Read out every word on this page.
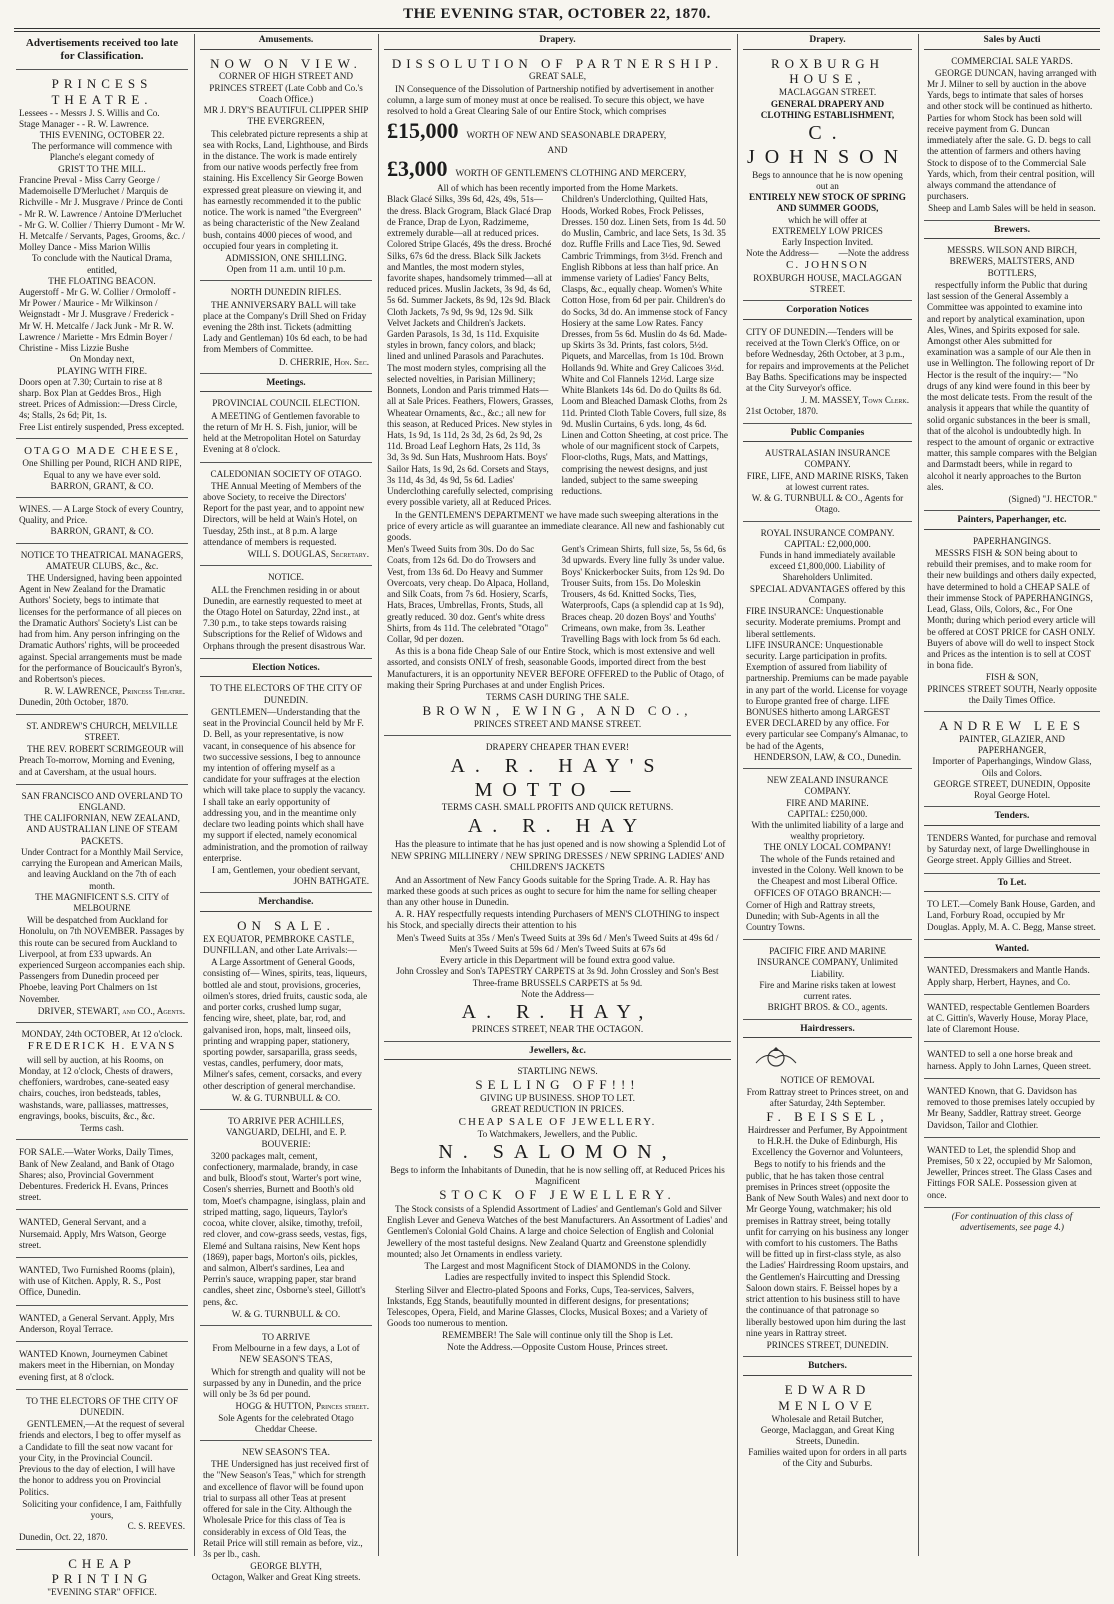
THE EVENING STAR, OCTOBER 22, 1870.
Advertisements received too late for Classification.
PRINCESS THEATRE.
Lessees - - Messrs J. S. Willis and Co.
Stage Manager - - R. W. Lawrence.
THIS EVENING, OCTOBER 22.
The performance will commence with Planche's elegant comedy of
GRIST TO THE MILL.
Francine Preval - Miss Carry George / Mademoiselle D'Merluchet / Marquis de Richville - Mr J. Musgrave / Prince de Conti - Mr R. W. Lawrence / Antoine D'Merluchet - Mr G. W. Collier / Thierry Dumont - Mr W. H. Metcalfe / Servants, Pages, Grooms, &c. / Molley Dance - Miss Marion Willis
To conclude with the Nautical Drama, entitled,
THE FLOATING BEACON.
Augerstoff - Mr G. W. Collier / Ormoloff - Mr Power / Maurice - Mr Wilkinson / Weignstadt - Mr J. Musgrave / Frederick - Mr W. H. Metcalfe / Jack Junk - Mr R. W. Lawrence / Mariette - Mrs Edmin Boyer / Christine - Miss Lizzie Bushe
On Monday next,
PLAYING WITH FIRE.
Doors open at 7.30; Curtain to rise at 8 sharp. Box Plan at Geddes Bros., High street. Prices of Admission:—Dress Circle, 4s; Stalls, 2s 6d; Pit, 1s.
Free List entirely suspended, Press excepted.
OTAGO MADE CHEESE,
One Shilling per Pound, RICH AND RIPE, Equal to any we have ever sold.
BARRON, GRANT, & CO.
WINES. — A Large Stock of every Country, Quality, and Price.
BARRON, GRANT, & CO.
NOTICE TO THEATRICAL MANAGERS, AMATEUR CLUBS, &c., &c.

THE Undersigned, having been appointed Agent in New Zealand for the Dramatic Authors' Society, begs to intimate that licenses for the performance of all pieces on the Dramatic Authors' Society's List can be had from him. Any person infringing on the Dramatic Authors' rights, will be proceeded against. Special arrangements must be made for the performance of Boucicault's Byron's, and Robertson's pieces.

R. W. LAWRENCE, Princess Theatre.
Dunedin, 20th October, 1870.
ST. ANDREW'S CHURCH, MELVILLE STREET.

THE REV. ROBERT SCRIMGEOUR will Preach To-morrow, Morning and Evening, and at Caversham, at the usual hours.

SAN FRANCISCO AND OVERLAND TO ENGLAND.
THE CALIFORNIAN, NEW ZEALAND, AND AUSTRALIAN LINE OF STEAM PACKETS.
Under Contract for a Monthly Mail Service, carrying the European and American Mails, and leaving Auckland on the 7th of each month.
THE MAGNIFICENT S.S. CITY of MELBOURNE

Will be despatched from Auckland for Honolulu, on 7th NOVEMBER. Passages by this route can be secured from Auckland to Liverpool, at from £33 upwards. An experienced Surgeon accompanies each ship. Passengers from Dunedin proceed per Phoebe, leaving Port Chalmers on 1st November.

DRIVER, STEWART, and CO., Agents.
MONDAY, 24th OCTOBER, At 12 o'clock.
FREDERICK H. EVANS

will sell by auction, at his Rooms, on Monday, at 12 o'clock, Chests of drawers, cheffoniers, wardrobes, cane-seated easy chairs, couches, iron bedsteads, tables, washstands, ware, palliasses, mattresses, engravings, books, biscuits, &c., &c.

Terms cash.

FOR SALE.—Water Works, Daily Times, Bank of New Zealand, and Bank of Otago Shares; also, Provincial Government Debentures. Frederick H. Evans, Princes street.

WANTED, General Servant, and a Nursemaid. Apply, Mrs Watson, George street.

WANTED, Two Furnished Rooms (plain), with use of Kitchen. Apply, R. S., Post Office, Dunedin.

WANTED, a General Servant. Apply, Mrs Anderson, Royal Terrace.

WANTED Known, Journeymen Cabinet makers meet in the Hibernian, on Monday evening first, at 8 o'clock.

TO THE ELECTORS OF THE CITY OF DUNEDIN.

GENTLEMEN,—At the request of several friends and electors, I beg to offer myself as a Candidate to fill the seat now vacant for your City, in the Provincial Council. Previous to the day of election, I will have the honor to address you on Provincial Politics.

Soliciting your confidence, I am, Faithfully yours,
C. S. REEVES.
Dunedin, Oct. 22, 1870.
CHEAP PRINTING
"EVENING STAR" OFFICE.
Amusements.
NOW ON VIEW.
CORNER OF HIGH STREET AND PRINCES STREET (Late Cobb and Co.'s Coach Office.)
MR J. DRY'S BEAUTIFUL CLIPPER SHIP THE EVERGREEN,

This celebrated picture represents a ship at sea with Rocks, Land, Lighthouse, and Birds in the distance. The work is made entirely from our native woods perfectly free from staining. His Excellency Sir George Bowen expressed great pleasure on viewing it, and has earnestly recommended it to the public notice. The work is named "the Evergreen" as being characteristic of the New Zealand bush, contains 4000 pieces of wood, and occupied four years in completing it.

ADMISSION, ONE SHILLING.
Open from 11 a.m. until 10 p.m.
NORTH DUNEDIN RIFLES.

THE ANNIVERSARY BALL will take place at the Company's Drill Shed on Friday evening the 28th inst. Tickets (admitting Lady and Gentleman) 10s 6d each, to be had from Members of Committee.

D. CHERRIE, Hon. Sec.
Meetings.
PROVINCIAL COUNCIL ELECTION.

A MEETING of Gentlemen favorable to the return of Mr H. S. Fish, junior, will be held at the Metropolitan Hotel on Saturday Evening at 8 o'clock.

CALEDONIAN SOCIETY OF OTAGO.

THE Annual Meeting of Members of the above Society, to receive the Directors' Report for the past year, and to appoint new Directors, will be held at Wain's Hotel, on Tuesday, 25th inst., at 8 p.m. A large attendance of members is requested.

WILL S. DOUGLAS, Secretary.
NOTICE.

ALL the Frenchmen residing in or about Dunedin, are earnestly requested to meet at the Otago Hotel on Saturday, 22nd inst., at 7.30 p.m., to take steps towards raising Subscriptions for the Relief of Widows and Orphans through the present disastrous War.

Election Notices.
TO THE ELECTORS OF THE CITY OF DUNEDIN.

GENTLEMEN—Understanding that the seat in the Provincial Council held by Mr F. D. Bell, as your representative, is now vacant, in consequence of his absence for two successive sessions, I beg to announce my intention of offering myself as a candidate for your suffrages at the election which will take place to supply the vacancy. I shall take an early opportunity of addressing you, and in the meantime only declare two leading points which shall have my support if elected, namely economical administration, and the promotion of railway enterprise.

I am, Gentlemen, your obedient servant,
JOHN BATHGATE.
Merchandise.
ON SALE.
EX EQUATOR, PEMBROKE CASTLE, DUNFILLAN, and other Late Arrivals:—

A Large Assortment of General Goods, consisting of— Wines, spirits, teas, liqueurs, bottled ale and stout, provisions, groceries, oilmen's stores, dried fruits, caustic soda, ale and porter corks, crushed lump sugar, fencing wire, sheet, plate, bar, rod, and galvanised iron, hops, malt, linseed oils, printing and wrapping paper, stationery, sporting powder, sarsaparilla, grass seeds, vestas, candles, perfumery, door mats, Milner's safes, cement, corsacks, and every other description of general merchandise.

W. & G. TURNBULL & CO.
TO ARRIVE PER ACHILLES, VANGUARD, DELHI, and E. P. BOUVERIE:

3200 packages malt, cement, confectionery, marmalade, brandy, in case and bulk, Blood's stout, Warter's port wine, Cosen's sherries, Burnett and Booth's old tom, Moet's champagne, isinglass, plain and striped matting, sago, liqueurs, Taylor's cocoa, white clover, alsike, timothy, trefoil, red clover, and cow-grass seeds, vestas, figs, Elemé and Sultana raisins, New Kent hops (1869), paper bags, Morton's oils, pickles, and salmon, Albert's sardines, Lea and Perrin's sauce, wrapping paper, star brand candles, sheet zinc, Osborne's steel, Gillott's pens, &c.

W. & G. TURNBULL & CO.
TO ARRIVE
From Melbourne in a few days, a Lot of NEW SEASON'S TEAS,

Which for strength and quality will not be surpassed by any in Dunedin, and the price will only be 3s 6d per pound.

HOGG & HUTTON, Princes street.
Sole Agents for the celebrated Otago Cheddar Cheese.
NEW SEASON'S TEA.

THE Undersigned has just received first of the "New Season's Teas," which for strength and excellence of flavor will be found upon trial to surpass all other Teas at present offered for sale in the City. Although the Wholesale Price for this class of Tea is considerably in excess of Old Teas, the Retail Price will still remain as before, viz., 3s per lb., cash.

GEORGE BLYTH,
Octagon, Walker and Great King streets.
Drapery.
DISSOLUTION OF PARTNERSHIP.
GREAT SALE,

IN Consequence of the Dissolution of Partnership notified by advertisement in another column, a large sum of money must at once be realised. To secure this object, we have resolved to hold a Great Clearing Sale of our Entire Stock, which comprises

£15,000 WORTH OF NEW AND SEASONABLE DRAPERY,
AND
£3,000 WORTH OF GENTLEMEN'S CLOTHING AND MERCERY,
All of which has been recently imported from the Home Markets.
Black Glacé Silks, 39s 6d, 42s, 49s, 51s—the dress. Black Grogram, Black Glacé Drap de France, Drap de Lyon, Radzimeme, extremely durable—all at reduced prices. Colored Stripe Glacés, 49s the dress. Broché Silks, 67s 6d the dress. Black Silk Jackets and Mantles, the most modern styles, favorite shapes, handsomely trimmed—all at reduced prices. Muslin Jackets, 3s 9d, 4s 6d, 5s 6d. Summer Jackets, 8s 9d, 12s 9d. Black Cloth Jackets, 7s 9d, 9s 9d, 12s 9d. Silk Velvet Jackets and Children's Jackets. Garden Parasols, 1s 3d, 1s 11d. Exquisite styles in brown, fancy colors, and black; lined and unlined Parasols and Parachutes. The most modern styles, comprising all the selected novelties, in Parisian Millinery; Bonnets, London and Paris trimmed Hats—all at Sale Prices. Feathers, Flowers, Grasses, Wheatear Ornaments, &c., &c.; all new for this season, at Reduced Prices. New styles in Hats, 1s 9d, 1s 11d, 2s 3d, 2s 6d, 2s 9d, 2s 11d. Broad Leaf Leghorn Hats, 2s 11d, 3s 3d, 3s 9d. Sun Hats, Mushroom Hats. Boys' Sailor Hats, 1s 9d, 2s 6d. Corsets and Stays, 3s 11d, 4s 3d, 4s 9d, 5s 6d. Ladies' Underclothing carefully selected, comprising every possible variety, all at Reduced Prices.
Children's Underclothing, Quilted Hats, Hoods, Worked Robes, Frock Pelisses, Dresses. 150 doz. Linen Sets, from 1s 4d. 50 do Muslin, Cambric, and lace Sets, 1s 3d. 35 doz. Ruffle Frills and Lace Ties, 9d. Sewed Cambric Trimmings, from 3½d. French and English Ribbons at less than half price. An immense variety of Ladies' Fancy Belts, Clasps, &c., equally cheap. Women's White Cotton Hose, from 6d per pair. Children's do do Socks, 3d do. An immense stock of Fancy Hosiery at the same Low Rates. Fancy Dresses, from 5s 6d. Muslin do 4s 6d. Made-up Skirts 3s 3d. Prints, fast colors, 5½d. Piquets, and Marcellas, from 1s 10d. Brown Hollands 9d. White and Grey Calicoes 3½d. White and Col Flannels 12½d. Large size White Blankets 14s 6d. Do do Quilts 8s 6d. Loom and Bleached Damask Cloths, from 2s 11d. Printed Cloth Table Covers, full size, 8s 9d. Muslin Curtains, 6 yds. long, 4s 6d. Linen and Cotton Sheeting, at cost price. The whole of our magnificent stock of Carpets, Floor-cloths, Rugs, Mats, and Mattings, comprising the newest designs, and just landed, subject to the same sweeping reductions.

In the GENTLEMEN'S DEPARTMENT we have made such sweeping alterations in the price of every article as will guarantee an immediate clearance. All new and fashionably cut goods.

Men's Tweed Suits from 30s. Do do Sac Coats, from 12s 6d. Do do Trowsers and Vest, from 13s 6d. Do Heavy and Summer Overcoats, very cheap. Do Alpaca, Holland, and Silk Coats, from 7s 6d. Hosiery, Scarfs, Hats, Braces, Umbrellas, Fronts, Studs, all greatly reduced. 30 doz. Gent's white dress Shirts, from 4s 11d. The celebrated "Otago" Collar, 9d per dozen.
Gent's Crimean Shirts, full size, 5s, 5s 6d, 6s 3d upwards. Every line fully 3s under value. Boys' Knickerbocker Suits, from 12s 9d. Do Trouser Suits, from 15s. Do Moleskin Trousers, 4s 6d. Knitted Socks, Ties, Waterproofs, Caps (a splendid cap at 1s 9d), Braces cheap. 20 dozen Boys' and Youths' Crimeans, own make, from 3s. Leather Travelling Bags with lock from 5s 6d each.

As this is a bona fide Cheap Sale of our Entire Stock, which is most extensive and well assorted, and consists ONLY of fresh, seasonable Goods, imported direct from the best Manufacturers, it is an opportunity NEVER BEFORE OFFERED to the Public of Otago, of making their Spring Purchases at and under English Prices.

TERMS CASH DURING THE SALE.
BROWN, EWING, AND CO.,
PRINCES STREET AND MANSE STREET.
DRAPERY CHEAPER THAN EVER!
A. R. HAY'S MOTTO —
TERMS CASH. SMALL PROFITS AND QUICK RETURNS.
A. R. HAY

Has the pleasure to intimate that he has just opened and is now showing a Splendid Lot of

NEW SPRING MILLINERY / NEW SPRING DRESSES / NEW SPRING LADIES' AND CHILDREN'S JACKETS

And an Assortment of New Fancy Goods suitable for the Spring Trade. A. R. Hay has marked these goods at such prices as ought to secure for him the name for selling cheaper than any other house in Dunedin.

A. R. HAY respectfully requests intending Purchasers of MEN'S CLOTHING to inspect his Stock, and specially directs their attention to his

Men's Tweed Suits at 35s / Men's Tweed Suits at 39s 6d / Men's Tweed Suits at 49s 6d / Men's Tweed Suits at 59s 6d / Men's Tweed Suits at 67s 6d
Every article in this Department will be found extra good value.
John Crossley and Son's TAPESTRY CARPETS at 3s 9d. John Crossley and Son's Best Three-frame BRUSSELS CARPETS at 5s 9d.
Note the Address—
A. R. HAY,
PRINCES STREET, NEAR THE OCTAGON.
Jewellers, &c.
STARTLING NEWS.
SELLING OFF!!!
GIVING UP BUSINESS. SHOP TO LET.
GREAT REDUCTION IN PRICES.
CHEAP SALE OF JEWELLERY.
To Watchmakers, Jewellers, and the Public.
N. SALOMON,
Begs to inform the Inhabitants of Dunedin, that he is now selling off, at Reduced Prices his Magnificent
STOCK OF JEWELLERY.

The Stock consists of a Splendid Assortment of Ladies' and Gentleman's Gold and Silver English Lever and Geneva Watches of the best Manufacturers. An Assortment of Ladies' and Gentlemen's Colonial Gold Chains. A large and choice Selection of English and Colonial Jewellery of the most tasteful designs. New Zealand Quartz and Greenstone splendidly mounted; also Jet Ornaments in endless variety.

The Largest and most Magnificent Stock of DIAMONDS in the Colony.
Ladies are respectfully invited to inspect this Splendid Stock.

Sterling Silver and Electro-plated Spoons and Forks, Cups, Tea-services, Salvers, Inkstands, Egg Stands, beautifully mounted in different designs, for presentations; Telescopes, Opera, Field, and Marine Glasses, Clocks, Musical Boxes; and a Variety of Goods too numerous to mention.

REMEMBER! The Sale will continue only till the Shop is Let.
Note the Address.—Opposite Custom House, Princes street.
Drapery.
ROXBURGH HOUSE,
MACLAGGAN STREET.
GENERAL DRAPERY AND CLOTHING ESTABLISHMENT,
C. JOHNSON
Begs to announce that he is now opening out an
ENTIRELY NEW STOCK OF SPRING AND SUMMER GOODS,
which he will offer at
EXTREMELY LOW PRICES
Early Inspection Invited.
Note the Address— —Note the address
C. JOHNSON
ROXBURGH HOUSE, MACLAGGAN STREET.
Corporation Notices

CITY OF DUNEDIN.—Tenders will be received at the Town Clerk's Office, on or before Wednesday, 26th October, at 3 p.m., for repairs and improvements at the Pelichet Bay Baths. Specifications may be inspected at the City Surveyor's office.

J. M. MASSEY, Town Clerk.
21st October, 1870.
Public Companies
AUSTRALASIAN INSURANCE COMPANY.
FIRE, LIFE, AND MARINE RISKS, Taken at lowest current rates.
W. & G. TURNBULL & CO., Agents for Otago.
ROYAL INSURANCE COMPANY.
CAPITAL: £2,000,000.
Funds in hand immediately available exceed £1,800,000. Liability of Shareholders Unlimited.
SPECIAL ADVANTAGES offered by this Company.
FIRE INSURANCE: Unquestionable security. Moderate premiums. Prompt and liberal settlements.
LIFE INSURANCE: Unquestionable security. Large participation in profits. Exemption of assured from liability of partnership. Premiums can be made payable in any part of the world. License for voyage to Europe granted free of charge. LIFE BONUSES hitherto among LARGEST EVER DECLARED by any office. For every particular see Company's Almanac, to be had of the Agents,
HENDERSON, LAW, & CO., Dunedin.
NEW ZEALAND INSURANCE COMPANY.
FIRE AND MARINE.
CAPITAL: £250,000.
With the unlimited liability of a large and wealthy proprietory.
THE ONLY LOCAL COMPANY!
The whole of the Funds retained and invested in the Colony. Well known to be the Cheapest and most Liberal Office.

OFFICES OF OTAGO BRANCH:—Corner of High and Rattray streets, Dunedin; with Sub-Agents in all the Country Towns.

PACIFIC FIRE AND MARINE INSURANCE COMPANY, Unlimited Liability.
Fire and Marine risks taken at lowest current rates.
BRIGHT BROS. & CO., agents.
Hairdressers.
NOTICE OF REMOVAL
From Rattray street to Princes street, on and after Saturday, 24th September.
F. BEISSEL,
Hairdresser and Perfumer, By Appointment to H.R.H. the Duke of Edinburgh, His Excellency the Governor and Volunteers,

Begs to notify to his friends and the public, that he has taken those central premises in Princes street (opposite the Bank of New South Wales) and next door to Mr George Young, watchmaker; his old premises in Rattray street, being totally unfit for carrying on his business any longer with comfort to his customers. The Baths will be fitted up in first-class style, as also the Ladies' Hairdressing Room upstairs, and the Gentlemen's Haircutting and Dressing Saloon down stairs. F. Beissel hopes by a strict attention to his business still to have the continuance of that patronage so liberally bestowed upon him during the last nine years in Rattray street.

PRINCES STREET, DUNEDIN.
Butchers.
EDWARD MENLOVE
Wholesale and Retail Butcher,
George, Maclaggan, and Great King Streets, Dunedin.
Families waited upon for orders in all parts of the City and Suburbs.
Sales by Aucti
COMMERCIAL SALE YARDS.

GEORGE DUNCAN, having arranged with Mr J. Milner to sell by auction in the above Yards, begs to intimate that sales of horses and other stock will be continued as hitherto. Parties for whom Stock has been sold will receive payment from G. Duncan immediately after the sale. G. D. begs to call the attention of farmers and others having Stock to dispose of to the Commercial Sale Yards, which, from their central position, will always command the attendance of purchasers.

Sheep and Lamb Sales will be held in season.
Brewers.
MESSRS. WILSON AND BIRCH, BREWERS, MALTSTERS, AND BOTTLERS,

respectfully inform the Public that during last session of the General Assembly a Committee was appointed to examine into and report by analytical examination, upon Ales, Wines, and Spirits exposed for sale. Amongst other Ales submitted for examination was a sample of our Ale then in use in Wellington. The following report of Dr Hector is the result of the inquiry:— "No drugs of any kind were found in this beer by the most delicate tests. From the result of the analysis it appears that while the quantity of solid organic substances in the beer is small, that of the alcohol is undoubtedly high. In respect to the amount of organic or extractive matter, this sample compares with the Belgian and Darmstadt beers, while in regard to alcohol it nearly approaches to the Burton ales.

(Signed) "J. HECTOR."
Painters, Paperhanger, etc.
PAPERHANGINGS.

MESSRS FISH & SON being about to rebuild their premises, and to make room for their new buildings and others daily expected, have determined to hold a CHEAP SALE of their immense Stock of PAPERHANGINGS, Lead, Glass, Oils, Colors, &c., For One Month; during which period every article will be offered at COST PRICE for CASH ONLY. Buyers of above will do well to inspect Stock and Prices as the intention is to sell at COST in bona fide.

FISH & SON,
PRINCES STREET SOUTH, Nearly opposite the Daily Times Office.
ANDREW LEES
PAINTER, GLAZIER, AND PAPERHANGER,
Importer of Paperhangings, Window Glass, Oils and Colors.
GEORGE STREET, DUNEDIN, Opposite Royal George Hotel.
Tenders.

TENDERS Wanted, for purchase and removal by Saturday next, of large Dwellinghouse in George street. Apply Gillies and Street.

To Let.

TO LET.—Comely Bank House, Garden, and Land, Forbury Road, occupied by Mr Douglas. Apply, M. A. C. Begg, Manse street.

Wanted.

WANTED, Dressmakers and Mantle Hands. Apply sharp, Herbert, Haynes, and Co.

WANTED, respectable Gentlemen Boarders at C. Gittin's, Waverly House, Moray Place, late of Claremont House.

WANTED to sell a one horse break and harness. Apply to John Larnes, Queen street.

WANTED Known, that G. Davidson has removed to those premises lately occupied by Mr Beany, Saddler, Rattray street. George Davidson, Tailor and Clothier.

WANTED to Let, the splendid Shop and Premises, 50 x 22, occupied by Mr Salomon, Jeweller, Princes street. The Glass Cases and Fittings FOR SALE. Possession given at once.

(For continuation of this class of advertisements, see page 4.)
